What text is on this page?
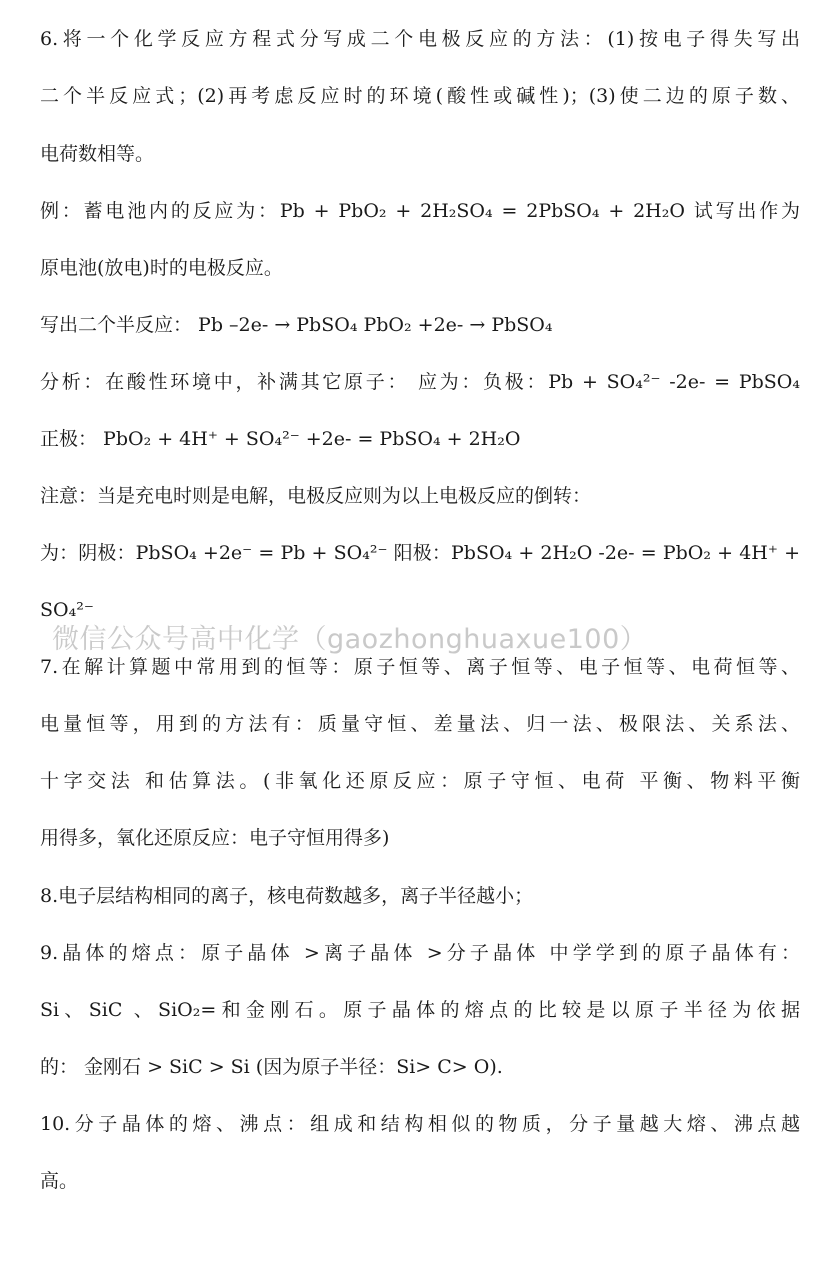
6.将一个化学反应方程式分写成二个电极反应的方法：(1)按电子得失写出
二个半反应式；(2)再考虑反应时的环境(酸性或碱性)；(3)使二边的原子数、
电荷数相等。
例：蓄电池内的反应为：Pb + PbO₂ + 2H₂SO₄ = 2PbSO₄ + 2H₂O 试写出作为
原电池(放电)时的电极反应。
写出二个半反应： Pb –2e- → PbSO₄ PbO₂ +2e- → PbSO₄
分析：在酸性环境中，补满其它原子： 应为：负极：Pb + SO₄²⁻ -2e- = PbSO₄
正极： PbO₂ + 4H⁺ + SO₄²⁻ +2e- = PbSO₄ + 2H₂O
注意：当是充电时则是电解，电极反应则为以上电极反应的倒转：
为：阴极：PbSO₄ +2e⁻ = Pb + SO₄²⁻ 阳极：PbSO₄ + 2H₂O -2e- = PbO₂ + 4H⁺ +
SO₄²⁻
7.在解计算题中常用到的恒等：原子恒等、离子恒等、电子恒等、电荷恒等、
电量恒等，用到的方法有：质量守恒、差量法、归一法、极限法、关系法、
十字交法 和估算法。(非氧化还原反应：原子守恒、电荷 平衡、物料平衡
用得多，氧化还原反应：电子守恒用得多)
8.电子层结构相同的离子，核电荷数越多，离子半径越小；
9.晶体的熔点：原子晶体 >离子晶体 >分子晶体 中学学到的原子晶体有：
Si、SiC 、SiO₂=和金刚石。原子晶体的熔点的比较是以原子半径为依据
的： 金刚石 > SiC > Si (因为原子半径：Si> C> O).
10.分子晶体的熔、沸点：组成和结构相似的物质，分子量越大熔、沸点越
高。
微信公众号高中化学（gaozhonghuaxue100）
